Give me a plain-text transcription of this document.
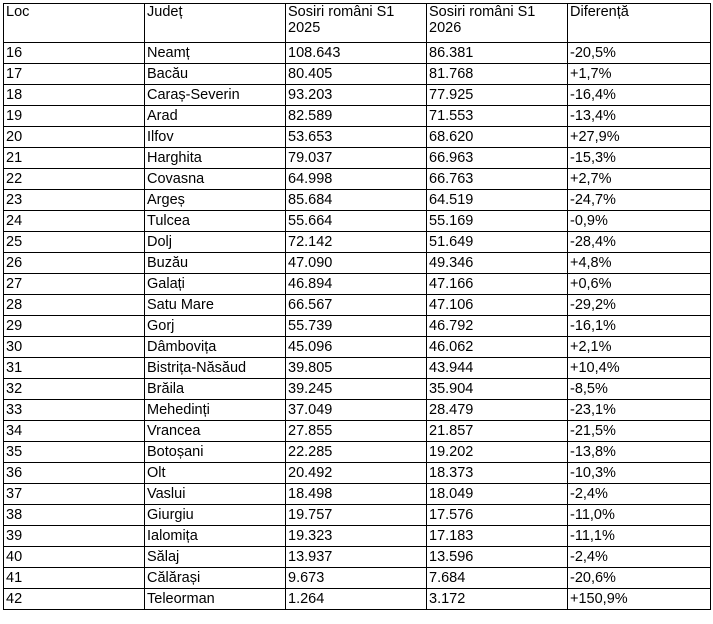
Loc	Județ	Sosiri români S1 2025	Sosiri români S1 2026	Diferență
16	Neamț	108.643	86.381	-20,5%
17	Bacău	80.405	81.768	+1,7%
18	Caraș-Severin	93.203	77.925	-16,4%
19	Arad	82.589	71.553	-13,4%
20	Ilfov	53.653	68.620	+27,9%
21	Harghita	79.037	66.963	-15,3%
22	Covasna	64.998	66.763	+2,7%
23	Argeș	85.684	64.519	-24,7%
24	Tulcea	55.664	55.169	-0,9%
25	Dolj	72.142	51.649	-28,4%
26	Buzău	47.090	49.346	+4,8%
27	Galați	46.894	47.166	+0,6%
28	Satu Mare	66.567	47.106	-29,2%
29	Gorj	55.739	46.792	-16,1%
30	Dâmbovița	45.096	46.062	+2,1%
31	Bistrița-Năsăud	39.805	43.944	+10,4%
32	Brăila	39.245	35.904	-8,5%
33	Mehedinți	37.049	28.479	-23,1%
34	Vrancea	27.855	21.857	-21,5%
35	Botoșani	22.285	19.202	-13,8%
36	Olt	20.492	18.373	-10,3%
37	Vaslui	18.498	18.049	-2,4%
38	Giurgiu	19.757	17.576	-11,0%
39	Ialomița	19.323	17.183	-11,1%
40	Sălaj	13.937	13.596	-2,4%
41	Călărași	9.673	7.684	-20,6%
42	Teleorman	1.264	3.172	+150,9%
